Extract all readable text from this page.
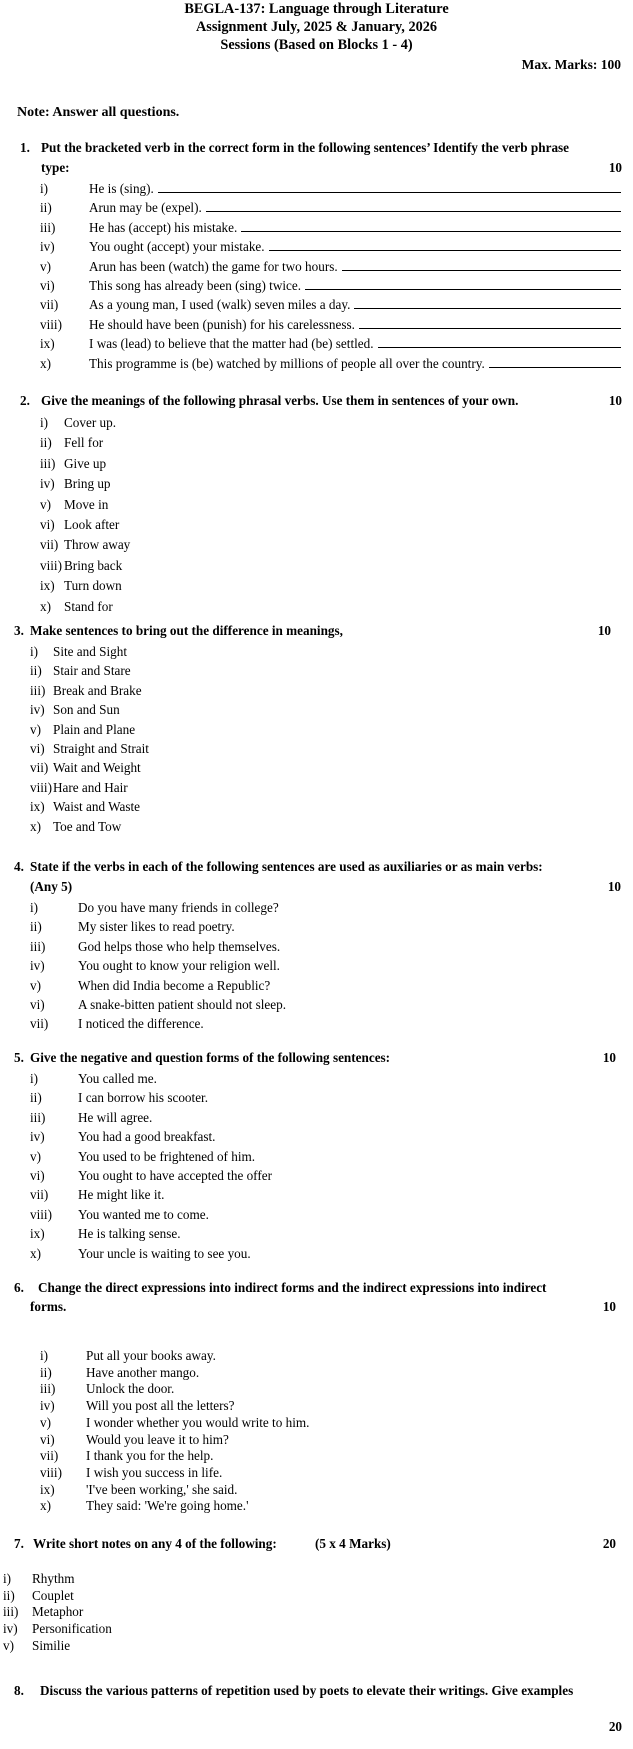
BEGLA-137: Language through Literature
Assignment July, 2025 & January, 2026
Sessions (Based on Blocks 1 - 4)
Max. Marks: 100
Note: Answer all questions.
1. Put the bracketed verb in the correct form in the following sentences’ Identify the verb phrase
type:	10
i)	He is (sing).
ii)	Arun may be (expel).
iii)	He has (accept) his mistake.
iv)	You ought (accept) your mistake.
v)	Arun has been (watch) the game for two hours.
vi)	This song has already been (sing) twice.
vii) As a young man, I used (walk) seven miles a day.
viii) He should have been (punish) for his carelessness.
ix)	I was (lead) to believe that the matter had (be) settled.
x)	This programme is (be) watched by millions of people all over the country.
2. Give the meanings of the following phrasal verbs. Use them in sentences of your own.	10
i) Cover up.
ii) Fell for
iii) Give up
iv) Bring up
v) Move in
vi) Look after
vii) Throw away
viii) Bring back
ix) Turn down
x) Stand for
3. Make sentences to bring out the difference in meanings,	10
i) Site and Sight
ii) Stair and Stare
iii) Break and Brake
iv) Son and Sun
v) Plain and Plane
vi) Straight and Strait
vii) Wait and Weight
viii) Hare and Hair
ix) Waist and Waste
x) Toe and Tow
4. State if the verbs in each of the following sentences are used as auxiliaries or as main verbs:
(Any 5)	10
i)	Do you have many friends in college?
ii)	My sister likes to read poetry.
iii) God helps those who help themselves.
iv)	You ought to know your religion well.
v)	When did India become a Republic?
vi)	A snake-bitten patient should not sleep.
vii) I noticed the difference.
5. Give the negative and question forms of the following sentences:	10
i)	You called me.
ii)	I can borrow his scooter.
iii) He will agree.
iv)	You had a good breakfast.
v)	You used to be frightened of him.
vi)	You ought to have accepted the offer
vii) He might like it.
viii) You wanted me to come.
ix)	He is talking sense.
x)	Your uncle is waiting to see you.
6. Change the direct expressions into indirect forms and the indirect expressions into indirect
forms.	10
i)	Put all your books away.
ii)	Have another mango.
iii) Unlock the door.
iv) Will you post all the letters?
v)	I wonder whether you would write to him.
vi) Would you leave it to him?
vii) I thank you for the help.
viii) I wish you success in life.
ix) 'I've been working,' she said.
x)	They said: 'We're going home.'
7. Write short notes on any 4 of the following:	(5 x 4 Marks)	20
i) Rhythm
ii) Couplet
iii) Metaphor
iv) Personification
v) Similie
8. Discuss the various patterns of repetition used by poets to elevate their writings. Give examples
20
